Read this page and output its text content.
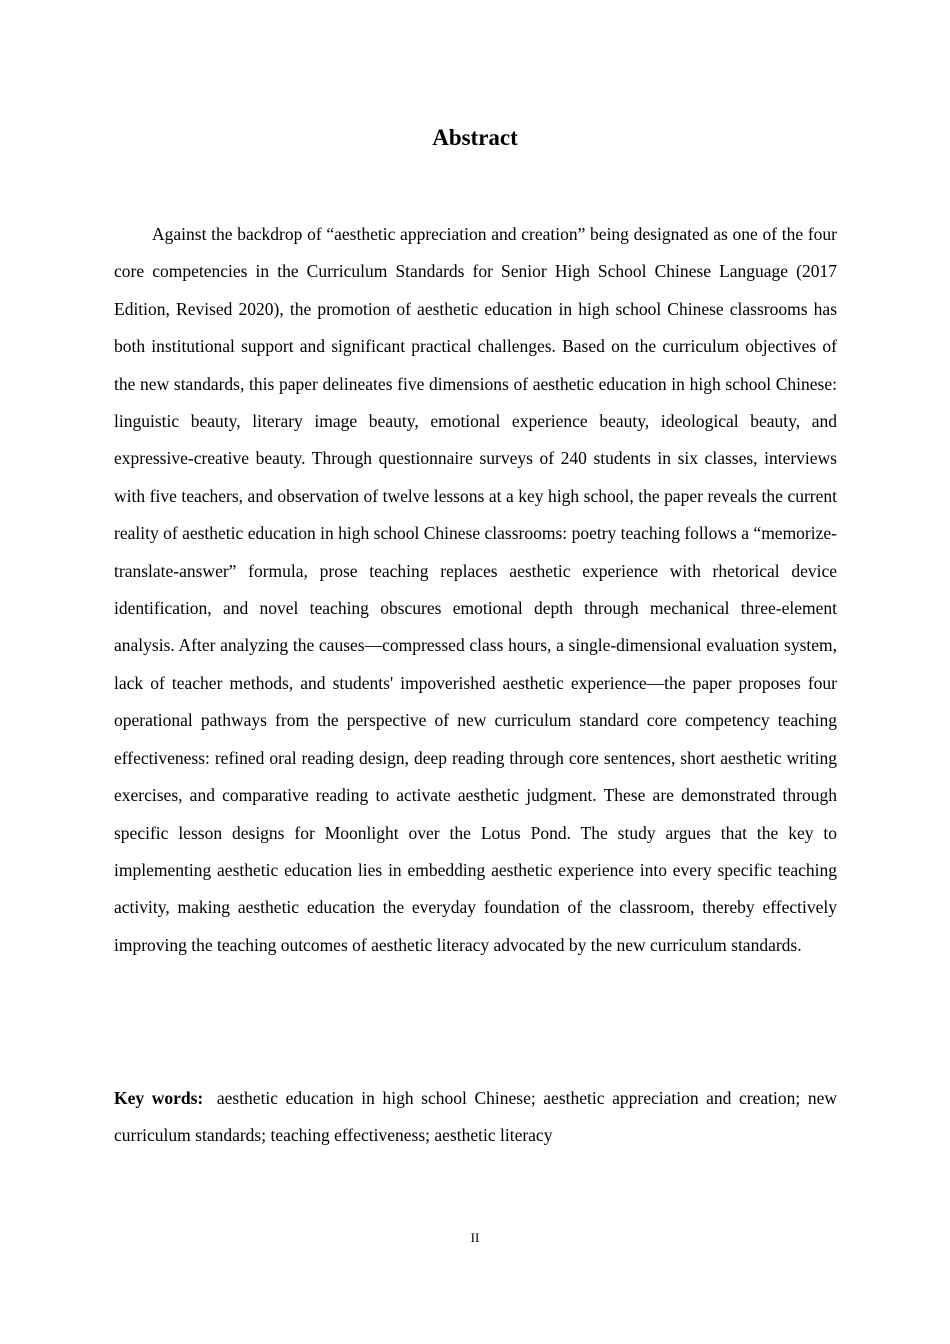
Abstract

Against the backdrop of “aesthetic appreciation and creation” being designated as one of the four core competencies in the Curriculum Standards for Senior High School Chinese Language (2017 Edition, Revised 2020), the promotion of aesthetic education in high school Chinese classrooms has both institutional support and significant practical challenges. Based on the curriculum objectives of the new standards, this paper delineates five dimensions of aesthetic education in high school Chinese: linguistic beauty, literary image beauty, emotional experience beauty, ideological beauty, and expressive-creative beauty. Through questionnaire surveys of 240 students in six classes, interviews with five teachers, and observation of twelve lessons at a key high school, the paper reveals the current reality of aesthetic education in high school Chinese classrooms: poetry teaching follows a “memorize-translate-answer” formula, prose teaching replaces aesthetic experience with rhetorical device identification, and novel teaching obscures emotional depth through mechanical three-element analysis. After analyzing the causes—compressed class hours, a single-dimensional evaluation system, lack of teacher methods, and students' impoverished aesthetic experience—the paper proposes four operational pathways from the perspective of new curriculum standard core competency teaching effectiveness: refined oral reading design, deep reading through core sentences, short aesthetic writing exercises, and comparative reading to activate aesthetic judgment. These are demonstrated through specific lesson designs for Moonlight over the Lotus Pond. The study argues that the key to implementing aesthetic education lies in embedding aesthetic experience into every specific teaching activity, making aesthetic education the everyday foundation of the classroom, thereby effectively improving the teaching outcomes of aesthetic literacy advocated by the new curriculum standards.

Key words: aesthetic education in high school Chinese; aesthetic appreciation and creation; new curriculum standards; teaching effectiveness; aesthetic literacy

II
